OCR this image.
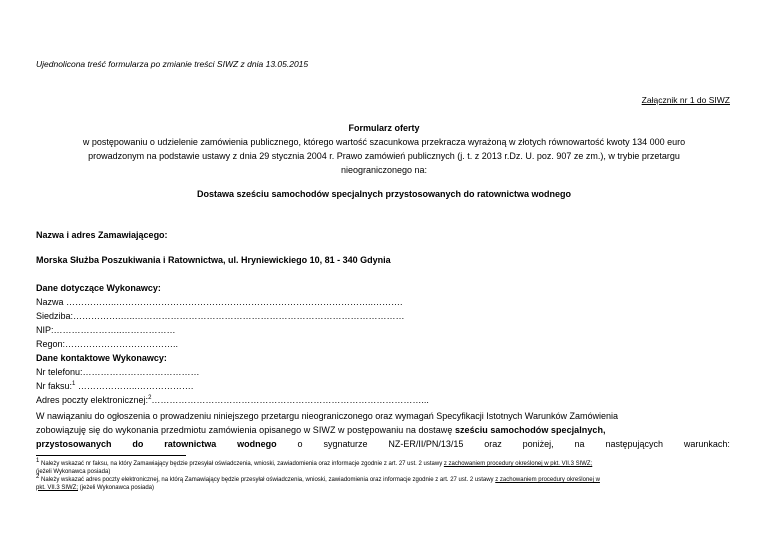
Ujednolicona treść formularza po zmianie treści SIWZ z dnia 13.05.2015
Załącznik nr 1 do SIWZ
Formularz oferty
w postępowaniu o udzielenie zamówienia publicznego, którego wartość szacunkowa przekracza wyrażoną w złotych równowartość kwoty 134 000 euro
prowadzonym na podstawie ustawy z dnia 29 stycznia 2004 r. Prawo zamówień publicznych (j. t. z 2013 r.Dz. U. poz. 907 ze zm.), w trybie przetargu
nieograniczonego na:
Dostawa sześciu samochodów specjalnych przystosowanych do ratownictwa wodnego
Nazwa i adres Zamawiającego:
Morska Służba Poszukiwania i Ratownictwa, ul. Hryniewickiego 10, 81 - 340 Gdynia
Dane dotyczące Wykonawcy:
Nazwa ……………..…………………………………………………………………………..……….
Siedziba:…………….…..………………………………………………………………………………
NIP:…………………..………………
Regon:………………………………..
Dane kontaktowe Wykonawcy:
Nr telefonu:…………………………………
Nr faksu:$^1$ ………………..……………….
Adres poczty elektronicznej:$^2$………………………………………………………………………………...
W nawiązaniu do ogłoszenia o prowadzeniu niniejszego przetargu nieograniczonego oraz wymagań Specyfikacji Istotnych Warunków Zamówienia
zobowiązuję się do wykonania przedmiotu zamówienia opisanego w SIWZ w postępowaniu na dostawę sześciu samochodów specjalnych,
przystosowanych do ratownictwa wodnego o sygnaturze NZ-ER/II/PN/13/15 oraz poniżej, na następujących warunkach:
1 Należy wskazać nr faksu, na który Zamawiający będzie przesyłał oświadczenia, wnioski, zawiadomienia oraz informacje zgodnie z art. 27 ust. 2 ustawy z zachowaniem procedury określonej w pkt. VII.3 SIWZ;
(jeżeli Wykonawca posiada)
2 Należy wskazać adres poczty elektronicznej, na którą Zamawiający będzie przesyłał oświadczenia, wnioski, zawiadomienia oraz informacje zgodnie z art. 27 ust. 2 ustawy z zachowaniem procedury określonej w
pkt. VII.3 SIWZ; (jeżeli Wykonawca posiada)
